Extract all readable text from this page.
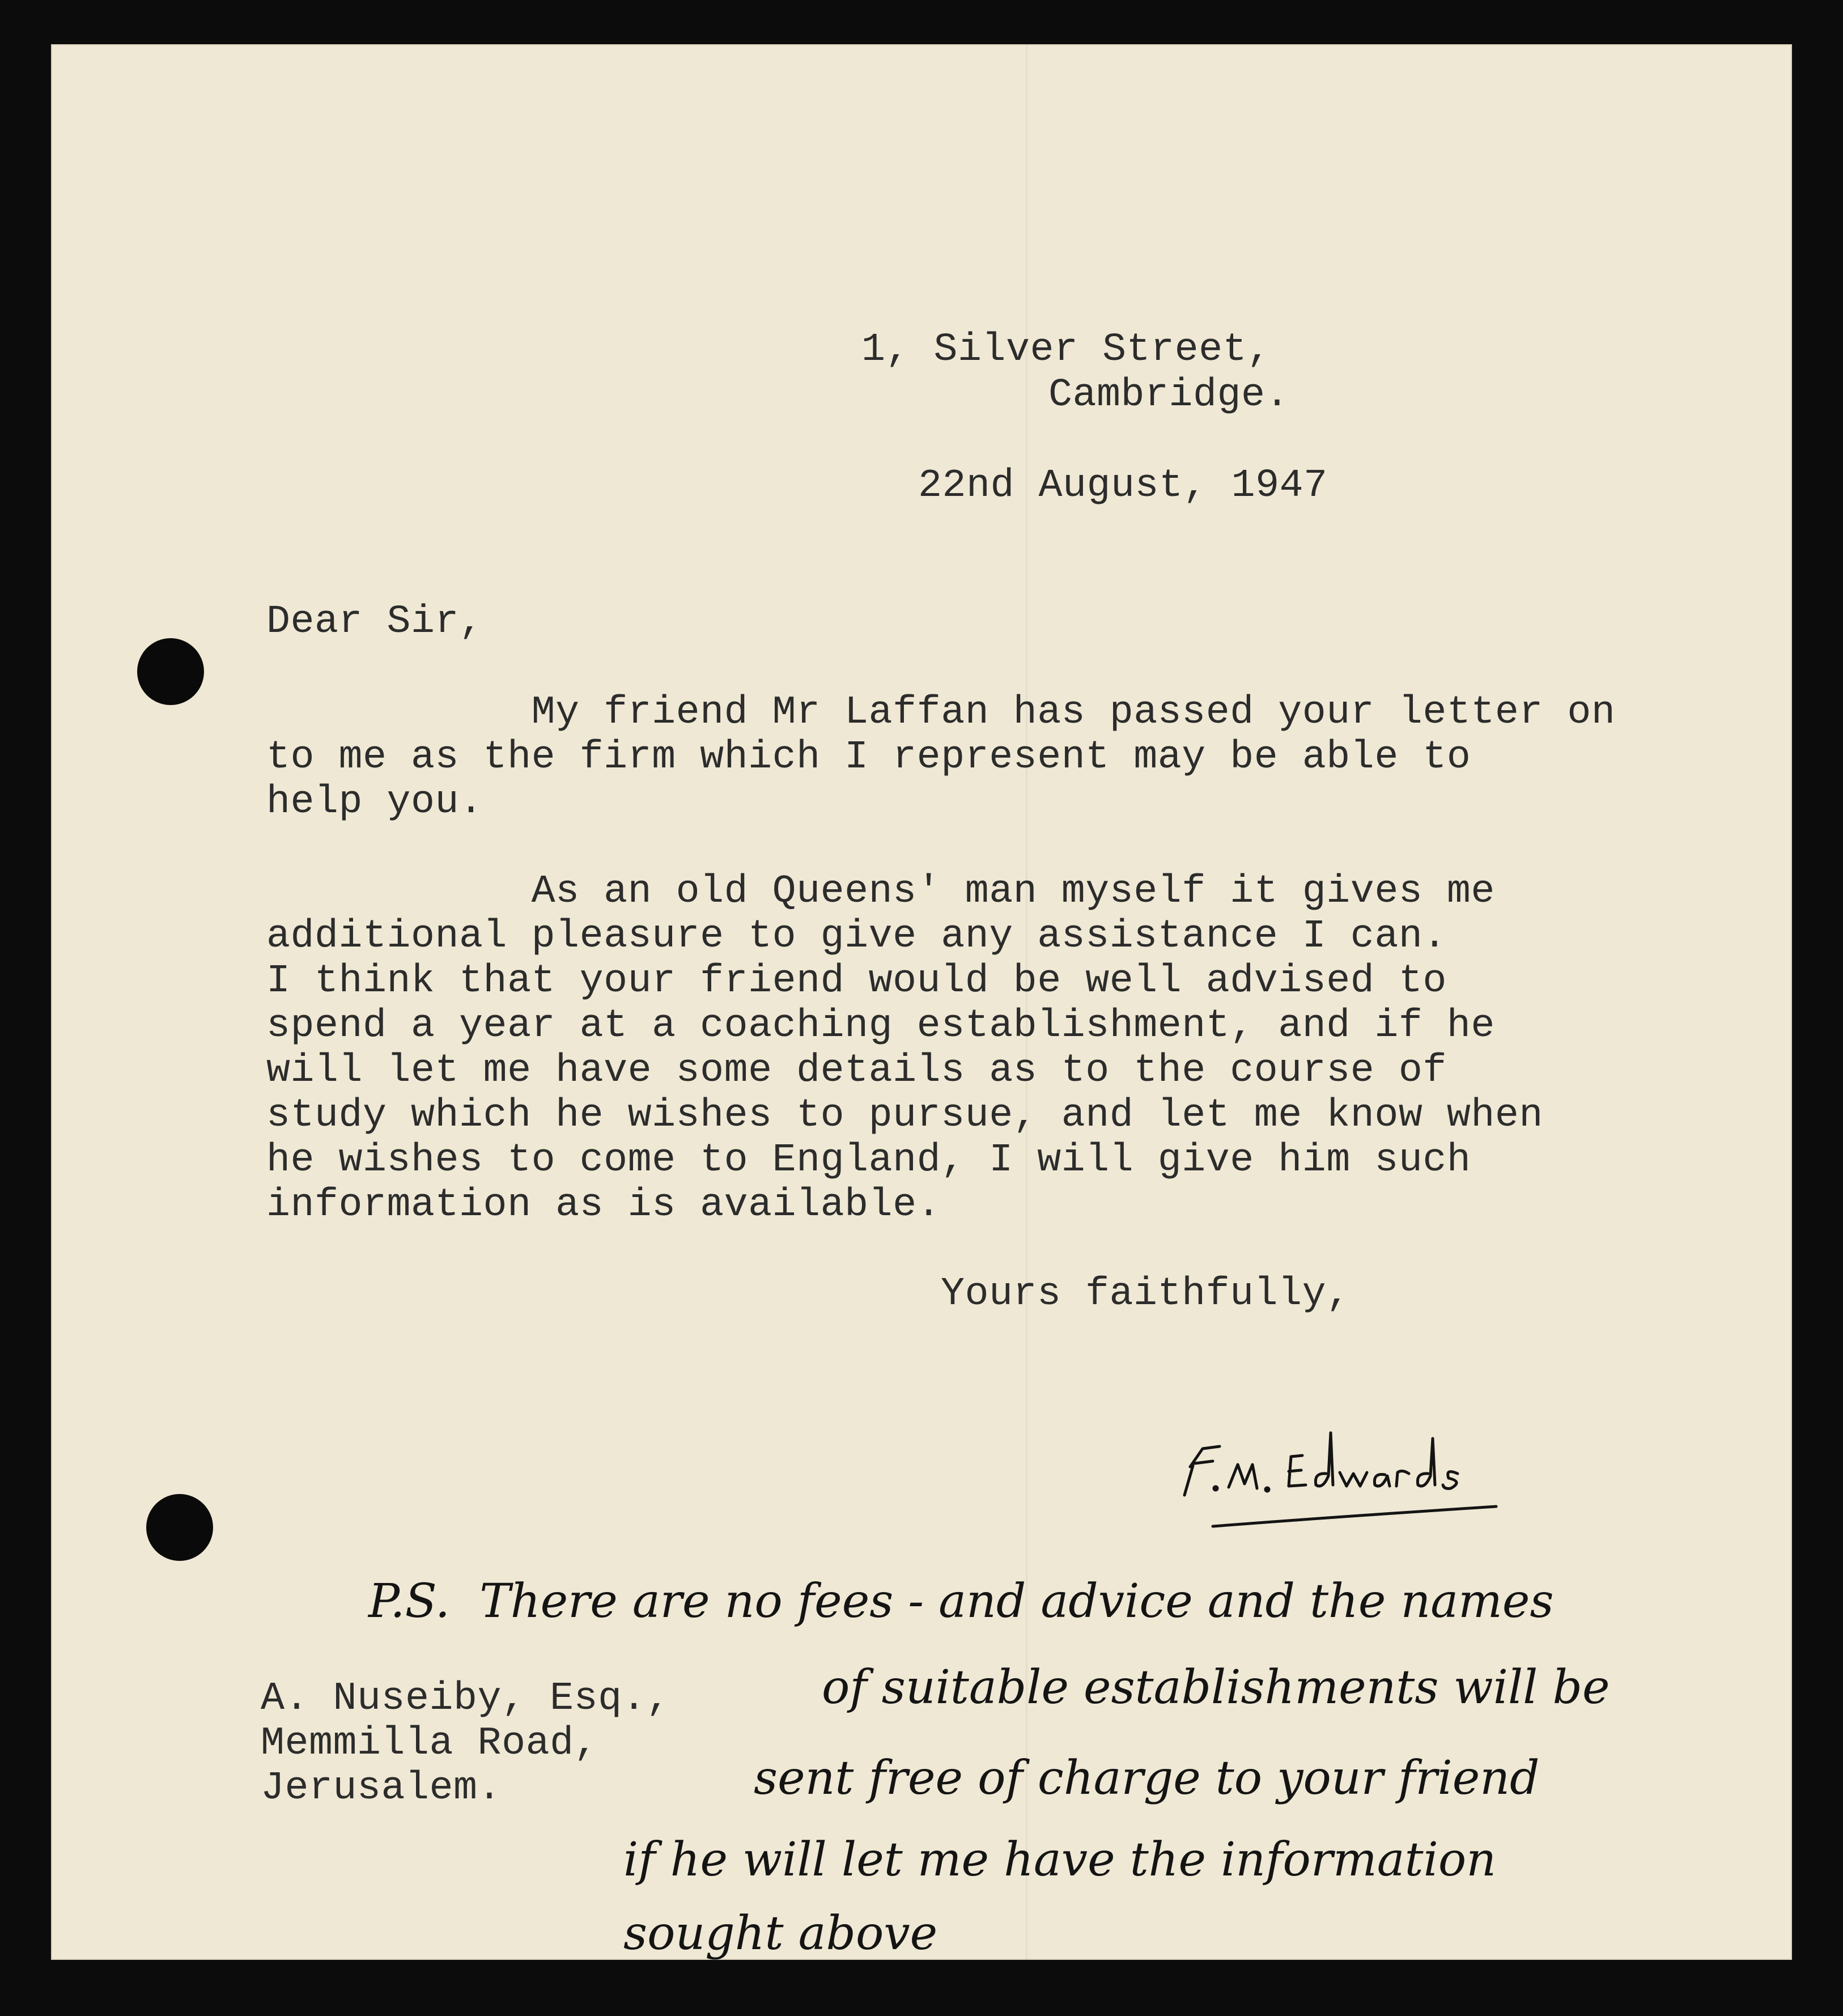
1, Silver Street,
Cambridge.
22nd August, 1947
Dear Sir,
My friend Mr Laffan has passed your letter on
to me as the firm which I represent may be able to
help you.
As an old Queens' man myself it gives me
additional pleasure to give any assistance I can.
I think that your friend would be well advised to
spend a year at a coaching establishment, and if he
will let me have some details as to the course of
study which he wishes to pursue, and let me know when
he wishes to come to England, I will give him such
information as is available.
Yours faithfully,
P.S.  There are no fees - and advice and the names
of suitable establishments will be
sent free of charge to your friend
if he will let me have the information
sought above
A. Nuseiby, Esq.,
Memmilla Road,
Jerusalem.
